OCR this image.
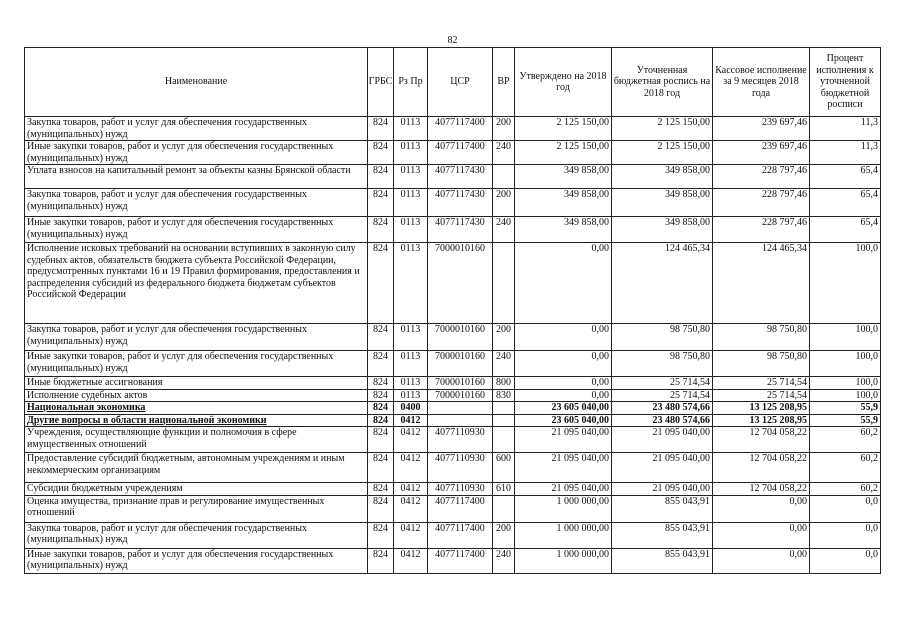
82
Наименование	ГРБС	Рз Пр	ЦСР	ВР	Утверждено на 2018 год	Уточненная бюджетная роспись на 2018 год	Кассовое исполнение за 9 месяцев 2018 года	Процент исполнения к уточненной бюджетной росписи
Закупка товаров, работ и услуг для обеспечения государственных (муниципальных) нужд	824	0113	4077117400	200	2 125 150,00	2 125 150,00	239 697,46	11,3
Иные закупки товаров, работ и услуг для обеспечения государственных (муниципальных) нужд	824	0113	4077117400	240	2 125 150,00	2 125 150,00	239 697,46	11,3
Уплата взносов на капитальный ремонт за объекты казны Брянской области	824	0113	4077117430		349 858,00	349 858,00	228 797,46	65,4
Закупка товаров, работ и услуг для обеспечения государственных (муниципальных) нужд	824	0113	4077117430	200	349 858,00	349 858,00	228 797,46	65,4
Иные закупки товаров, работ и услуг для обеспечения государственных (муниципальных) нужд	824	0113	4077117430	240	349 858,00	349 858,00	228 797,46	65,4
Исполнение исковых требований на основании вступивших в законную силу судебных актов, обязательств бюджета субъекта Российской Федерации, предусмотренных пунктами 16 и 19 Правил формирования, предоставления и распределения субсидий из федерального бюджета бюджетам субъектов Российской Федерации	824	0113	7000010160		0,00	124 465,34	124 465,34	100,0
Закупка товаров, работ и услуг для обеспечения государственных (муниципальных) нужд	824	0113	7000010160	200	0,00	98 750,80	98 750,80	100,0
Иные закупки товаров, работ и услуг для обеспечения государственных (муниципальных) нужд	824	0113	7000010160	240	0,00	98 750,80	98 750,80	100,0
Иные бюджетные ассигнования	824	0113	7000010160	800	0,00	25 714,54	25 714,54	100,0
Исполнение судебных актов	824	0113	7000010160	830	0,00	25 714,54	25 714,54	100,0
Национальная экономика	824	0400			23 605 040,00	23 480 574,66	13 125 208,95	55,9
Другие вопросы в области национальной экономики	824	0412			23 605 040,00	23 480 574,66	13 125 208,95	55,9
Учреждения, осуществляющие функции и полномочия в сфере имущественных отношений	824	0412	4077110930		21 095 040,00	21 095 040,00	12 704 058,22	60,2
Предоставление субсидий бюджетным, автономным учреждениям и иным некоммерческим организациям	824	0412	4077110930	600	21 095 040,00	21 095 040,00	12 704 058,22	60,2
Субсидии бюджетным учреждениям	824	0412	4077110930	610	21 095 040,00	21 095 040,00	12 704 058,22	60,2
Оценка имущества, признание прав и регулирование имущественных отношений	824	0412	4077117400		1 000 000,00	855 043,91	0,00	0,0
Закупка товаров, работ и услуг для обеспечения государственных (муниципальных) нужд	824	0412	4077117400	200	1 000 000,00	855 043,91	0,00	0,0
Иные закупки товаров, работ и услуг для обеспечения государственных (муниципальных) нужд	824	0412	4077117400	240	1 000 000,00	855 043,91	0,00	0,0
